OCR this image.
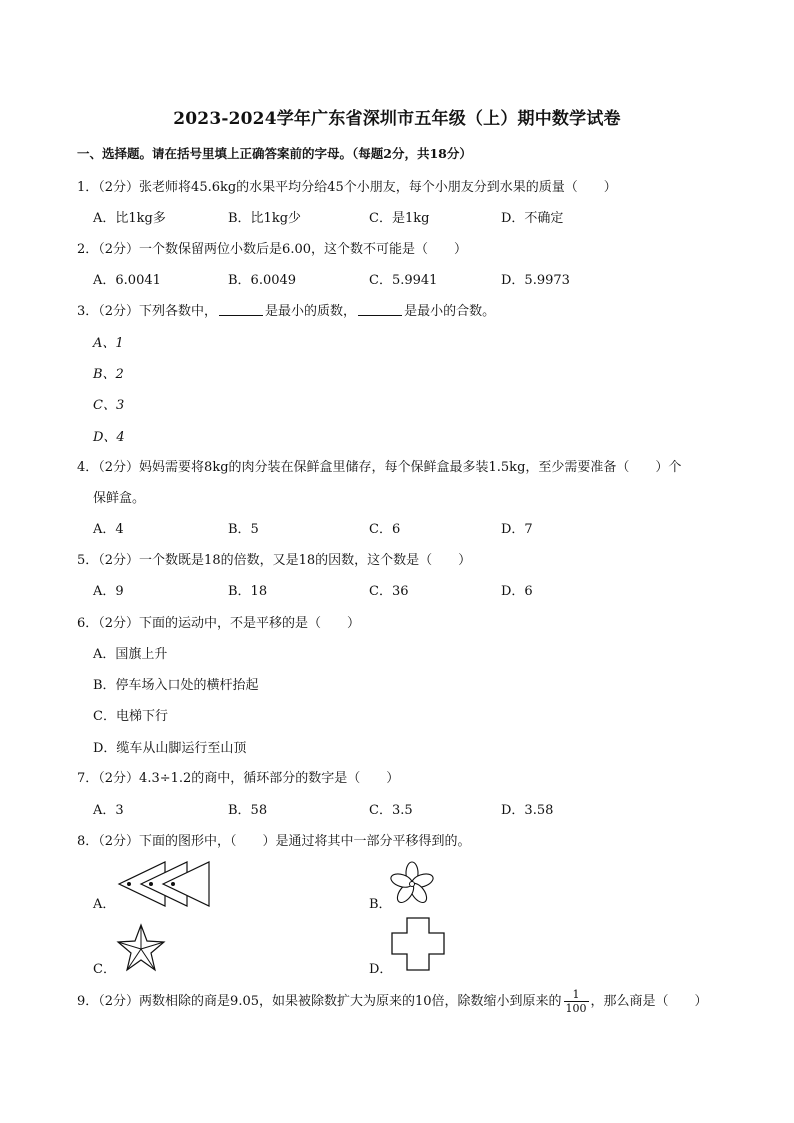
2023-2024学年广东省深圳市五年级（上）期中数学试卷
一、选择题。请在括号里填上正确答案前的字母。（每题2分，共18分）
1．（2分）张老师将45.6kg的水果平均分给45个小朋友，每个小朋友分到水果的质量（　　）
A．比1kg多	B．比1kg少	C．是1kg	D．不确定
2．（2分）一个数保留两位小数后是6.00，这个数不可能是（　　）
A．6.0041	B．6.0049	C．5.9941	D．5.9973
3．（2分）下列各数中，	是最小的质数，	是最小的合数。
A、1
B、2
C、3
D、4
4．（2分）妈妈需要将8kg的肉分装在保鲜盒里储存，每个保鲜盒最多装1.5kg，至少需要准备（　　）个
保鲜盒。
A．4	B．5	C．6	D．7
5．（2分）一个数既是18的倍数，又是18的因数，这个数是（　　）
A．9	B．18	C．36	D．6
6．（2分）下面的运动中，不是平移的是（　　）
A．国旗上升
B．停车场入口处的横杆抬起
C．电梯下行
D．缆车从山脚运行至山顶
7．（2分）4.3÷1.2的商中，循环部分的数字是（　　）
A．3	B．58	C．3.5	D．3.58
8．（2分）下面的图形中，（　　）是通过将其中一部分平移得到的。
A．	B．
C．	D．
9．（2分）两数相除的商是9.05，如果被除数扩大为原来的10倍，除数缩小到原来的 $\frac{1}{100}$ ，那么商是（　　）
